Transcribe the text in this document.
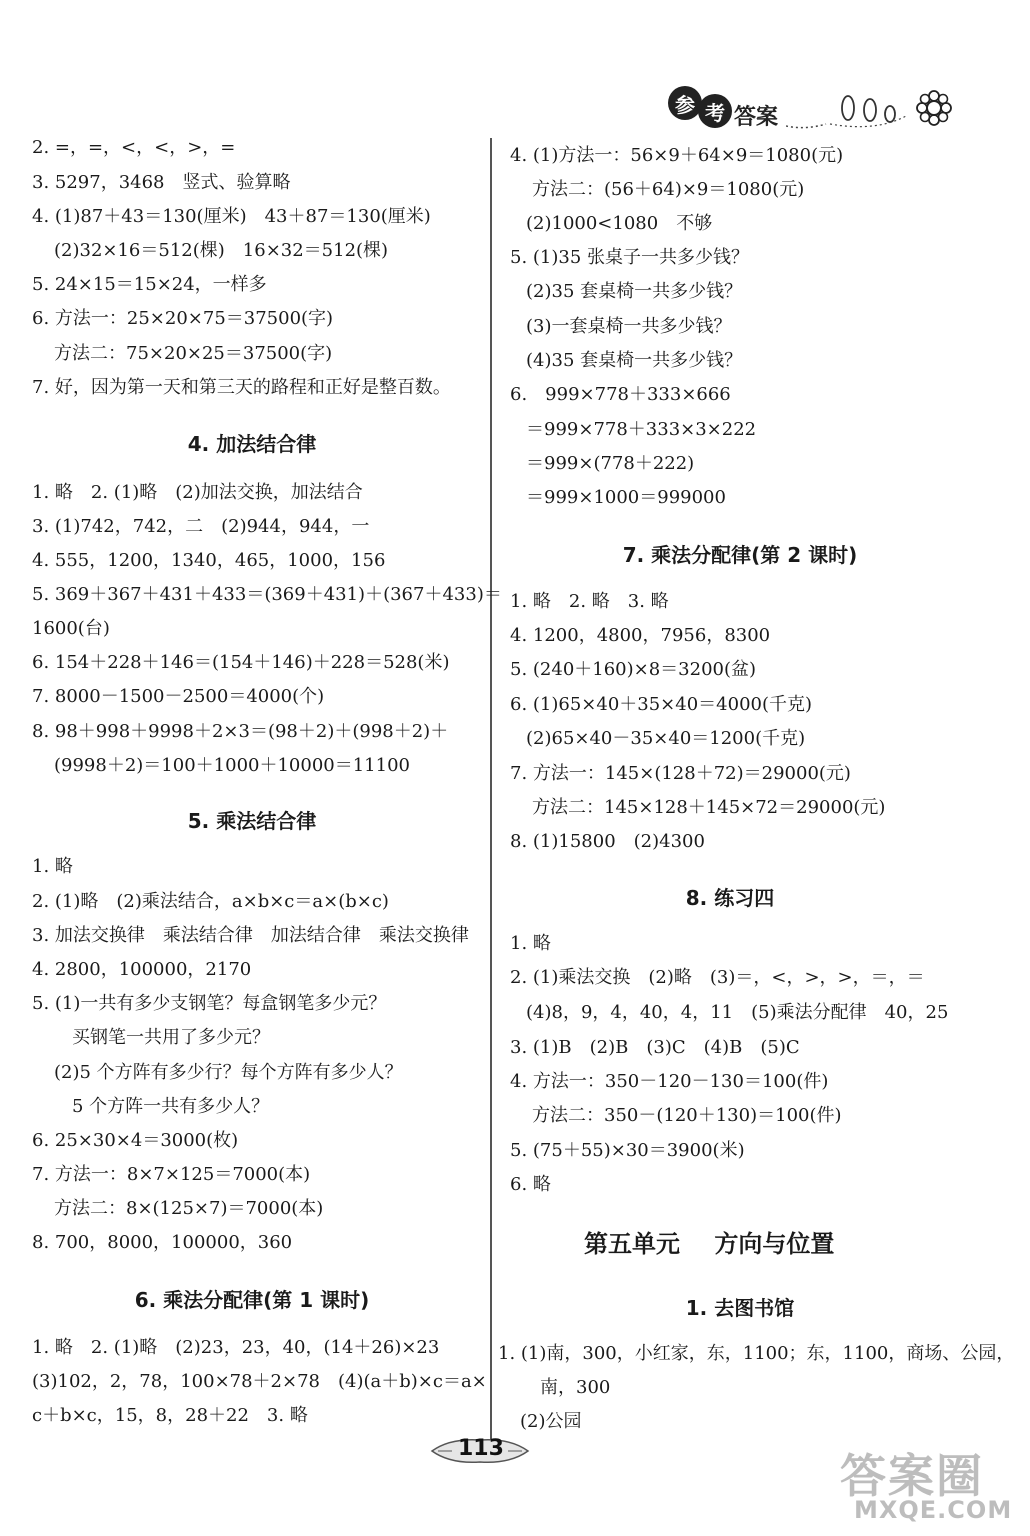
参 考 答案
2. =，=，<，<，>，=
3. 5297，3468　竖式、验算略
4. (1)87＋43＝130(厘米)　43＋87＝130(厘米)
(2)32×16＝512(棵)　16×32＝512(棵)
5. 24×15＝15×24，一样多
6. 方法一：25×20×75＝37500(字)
方法二：75×20×25＝37500(字)
7. 好，因为第一天和第三天的路程和正好是整百数。
4. 加法结合律
1. 略　2. (1)略　(2)加法交换，加法结合
3. (1)742，742，二　(2)944，944，一
4. 555，1200，1340，465，1000，156
5. 369＋367＋431＋433＝(369＋431)＋(367＋433)＝
1600(台)
6. 154＋228＋146＝(154＋146)＋228＝528(米)
7. 8000－1500－2500＝4000(个)
8. 98＋998＋9998＋2×3＝(98＋2)＋(998＋2)＋
(9998＋2)＝100＋1000＋10000＝11100
5. 乘法结合律
1. 略
2. (1)略　(2)乘法结合，a×b×c＝a×(b×c)
3. 加法交换律　乘法结合律　加法结合律　乘法交换律
4. 2800，100000，2170
5. (1)一共有多少支钢笔？每盒钢笔多少元？
买钢笔一共用了多少元？
(2)5 个方阵有多少行？每个方阵有多少人？
5 个方阵一共有多少人？
6. 25×30×4＝3000(枚)
7. 方法一：8×7×125＝7000(本)
方法二：8×(125×7)＝7000(本)
8. 700，8000，100000，360
6. 乘法分配律(第 1 课时)
1. 略　2. (1)略　(2)23，23，40，(14＋26)×23
(3)102，2，78，100×78＋2×78　(4)(a＋b)×c＝a×
c＋b×c，15，8，28＋22　3. 略
4. (1)方法一：56×9＋64×9＝1080(元)
方法二：(56＋64)×9＝1080(元)
(2)1000<1080　不够
5. (1)35 张桌子一共多少钱？
(2)35 套桌椅一共多少钱？
(3)一套桌椅一共多少钱？
(4)35 套桌椅一共多少钱？
6.　999×778＋333×666
＝999×778＋333×3×222
＝999×(778＋222)
＝999×1000＝999000
7. 乘法分配律(第 2 课时)
1. 略　2. 略　3. 略
4. 1200，4800，7956，8300
5. (240＋160)×8＝3200(盆)
6. (1)65×40＋35×40＝4000(千克)
(2)65×40－35×40＝1200(千克)
7. 方法一：145×(128＋72)＝29000(元)
方法二：145×128＋145×72＝29000(元)
8. (1)15800　(2)4300
8. 练习四
1. 略
2. (1)乘法交换　(2)略　(3)＝，<，>，>，＝，＝
(4)8，9，4，40，4，11　(5)乘法分配律　40，25
3. (1)B　(2)B　(3)C　(4)B　(5)C
4. 方法一：350－120－130＝100(件)
方法二：350－(120＋130)＝100(件)
5. (75＋55)×30＝3900(米)
6. 略
第五单元 方向与位置
1. 去图书馆
1. (1)南，300，小红家，东，1100；东，1100，商场、公园，
南，300
(2)公园
113
答案圈
MXQE.COM
